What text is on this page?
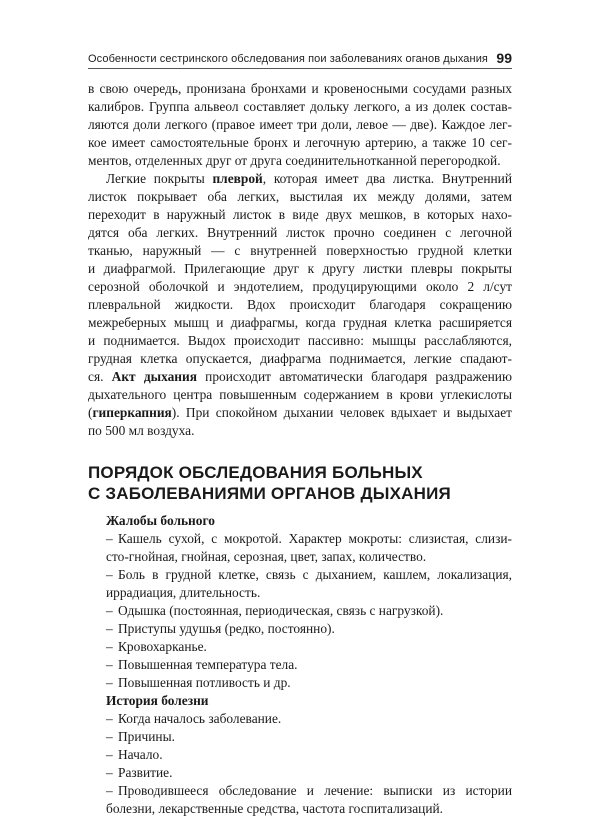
Особенности сестринского обследования пои заболеваниях оганов дыхания 99
в свою очередь, пронизана бронхами и кровеносными сосудами разных
калибров. Группа альвеол составляет дольку легкого, а из долек состав-
ляются доли легкого (правое имеет три доли, левое — две). Каждое лег-
кое имеет самостоятельные бронх и легочную артерию, а также 10 сег-
ментов, отделенных друг от друга соединительнотканной перегородкой.
Легкие покрыты плеврой, которая имеет два листка. Внутренний
листок покрывает оба легких, выстилая их между долями, затем
переходит в наружный листок в виде двух мешков, в которых нахо-
дятся оба легких. Внутренний листок прочно соединен с легочной
тканью, наружный — с внутренней поверхностью грудной клетки
и диафрагмой. Прилегающие друг к другу листки плевры покрыты
серозной оболочкой и эндотелием, продуцирующими около 2 л/сут
плевральной жидкости. Вдох происходит благодаря сокращению
межреберных мышц и диафрагмы, когда грудная клетка расширяется
и поднимается. Выдох происходит пассивно: мышцы расслабляются,
грудная клетка опускается, диафрагма поднимается, легкие спадают-
ся. Акт дыхания происходит автоматически благодаря раздражению
дыхательного центра повышенным содержанием в крови углекислоты
(гиперкапния). При спокойном дыхании человек вдыхает и выдыхает
по 500 мл воздуха.
ПОРЯДОК ОБСЛЕДОВАНИЯ БОЛЬНЫХ
С ЗАБОЛЕВАНИЯМИ ОРГАНОВ ДЫХАНИЯ
Жалобы больного
– Кашель сухой, с мокротой. Характер мокроты: слизистая, слизи-
сто-гнойная, гнойная, серозная, цвет, запах, количество.
– Боль в грудной клетке, связь с дыханием, кашлем, локализация,
иррадиация, длительность.
– Одышка (постоянная, периодическая, связь с нагрузкой).
– Приступы удушья (редко, постоянно).
– Кровохарканье.
– Повышенная температура тела.
– Повышенная потливость и др.
История болезни
– Когда началось заболевание.
– Причины.
– Начало.
– Развитие.
– Проводившееся обследование и лечение: выписки из истории
болезни, лекарственные средства, частота госпитализаций.
